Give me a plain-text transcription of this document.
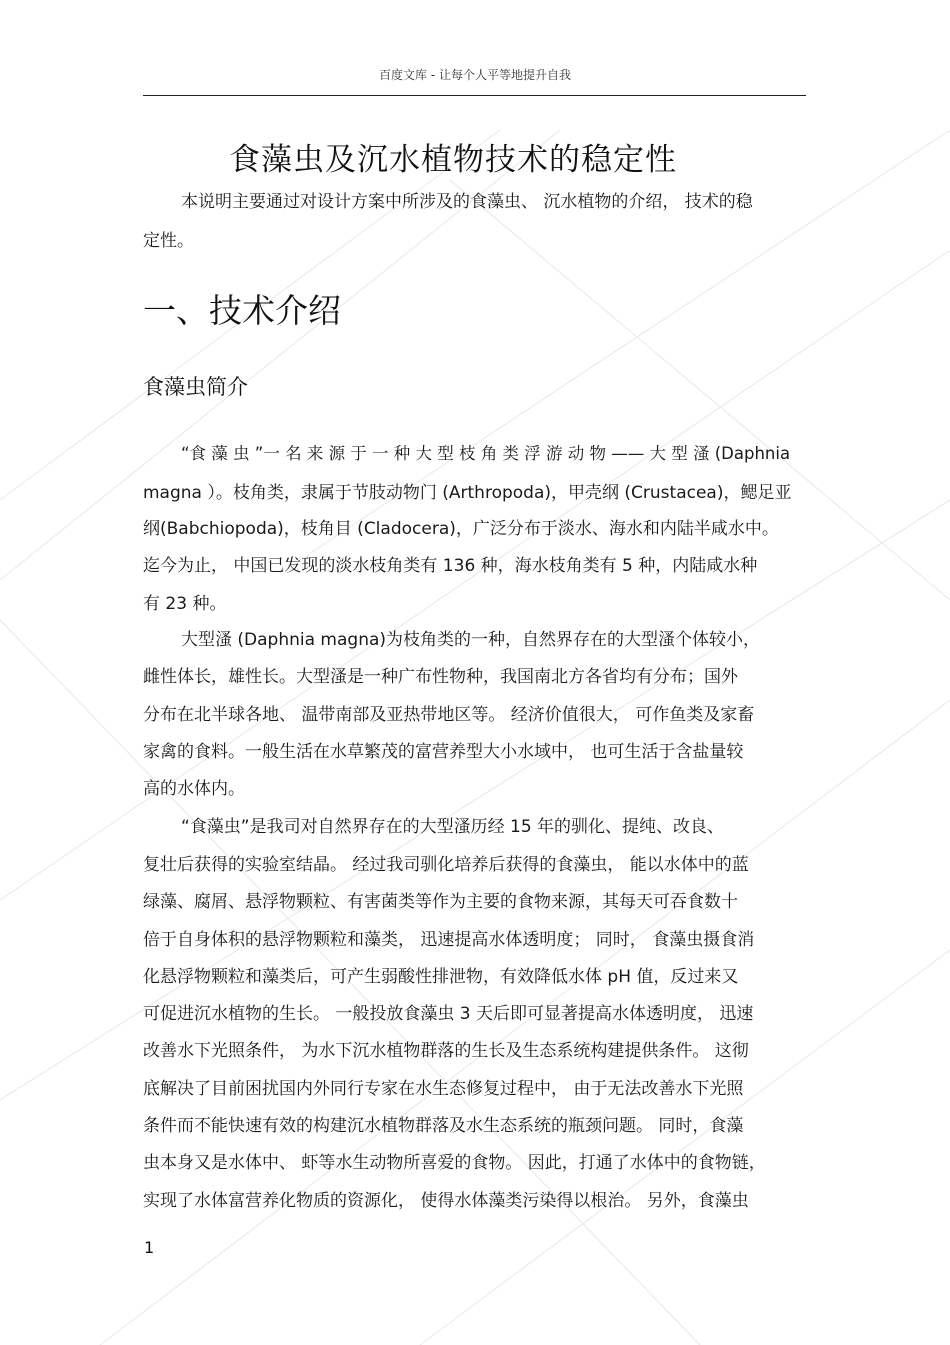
百度文库 - 让每个人平等地提升自我
食藻虫及沉水植物技术的稳定性
本说明主要通过对设计方案中所涉及的食藻虫、 沉水植物的介绍， 技术的稳
定性。
一、技术介绍
食藻虫简介
“食 藻 虫 ”一 名 来 源 于 一 种 大 型 枝 角 类 浮 游 动 物 —— 大 型 溞 (Daphnia
magna ）。枝角类，隶属于节肢动物门 (Arthropoda)，甲壳纲 (Crustacea)，鳃足亚
纲(Babchiopoda)，枝角目 (Cladocera)，广泛分布于淡水、海水和内陆半咸水中。
迄今为止， 中国已发现的淡水枝角类有 136 种，海水枝角类有 5 种，内陆咸水种
有 23 种。
大型溞 (Daphnia magna)为枝角类的一种，自然界存在的大型溞个体较小，
雌性体长，雄性长。大型溞是一种广布性物种，我国南北方各省均有分布；国外
分布在北半球各地、 温带南部及亚热带地区等。 经济价值很大， 可作鱼类及家畜
家禽的食料。一般生活在水草繁茂的富营养型大小水域中， 也可生活于含盐量较
高的水体内。
“食藻虫”是我司对自然界存在的大型溞历经 15 年的驯化、提纯、改良、
复壮后获得的实验室结晶。 经过我司驯化培养后获得的食藻虫， 能以水体中的蓝
绿藻、腐屑、悬浮物颗粒、有害菌类等作为主要的食物来源，其每天可吞食数十
倍于自身体积的悬浮物颗粒和藻类， 迅速提高水体透明度； 同时， 食藻虫摄食消
化悬浮物颗粒和藻类后，可产生弱酸性排泄物，有效降低水体 pH 值，反过来又
可促进沉水植物的生长。 一般投放食藻虫 3 天后即可显著提高水体透明度， 迅速
改善水下光照条件， 为水下沉水植物群落的生长及生态系统构建提供条件。 这彻
底解决了目前困扰国内外同行专家在水生态修复过程中， 由于无法改善水下光照
条件而不能快速有效的构建沉水植物群落及水生态系统的瓶颈问题。 同时，食藻
虫本身又是水体中、 虾等水生动物所喜爱的食物。 因此，打通了水体中的食物链，
实现了水体富营养化物质的资源化， 使得水体藻类污染得以根治。 另外，食藻虫
1
